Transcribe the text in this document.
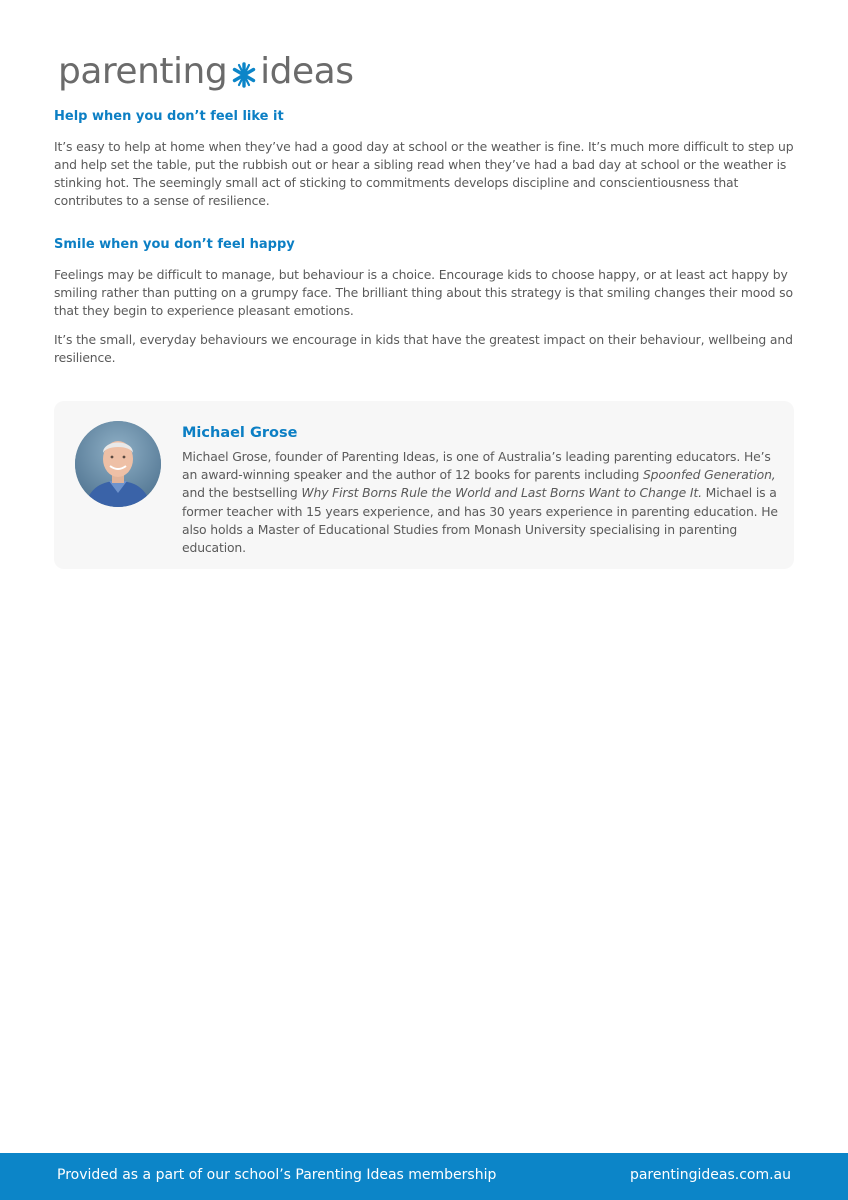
parenting ideas
Help when you don’t feel like it

It’s easy to help at home when they’ve had a good day at school or the weather is fine. It’s much more difficult to step up and help set the table, put the rubbish out or hear a sibling read when they’ve had a bad day at school or the weather is stinking hot. The seemingly small act of sticking to commitments develops discipline and conscientiousness that contributes to a sense of resilience.

Smile when you don’t feel happy

Feelings may be difficult to manage, but behaviour is a choice. Encourage kids to choose happy, or at least act happy by smiling rather than putting on a grumpy face. The brilliant thing about this strategy is that smiling changes their mood so that they begin to experience pleasant emotions.

It’s the small, everyday behaviours we encourage in kids that have the greatest impact on their behaviour, wellbeing and resilience.

Michael Grose

Michael Grose, founder of Parenting Ideas, is one of Australia’s leading parenting educators. He’s an award-winning speaker and the author of 12 books for parents including Spoonfed Generation, and the bestselling Why First Borns Rule the World and Last Borns Want to Change It. Michael is a former teacher with 15 years experience, and has 30 years experience in parenting education. He also holds a Master of Educational Studies from Monash University specialising in parenting education.

Provided as a part of our school’s Parenting Ideas membership	parentingideas.com.au
